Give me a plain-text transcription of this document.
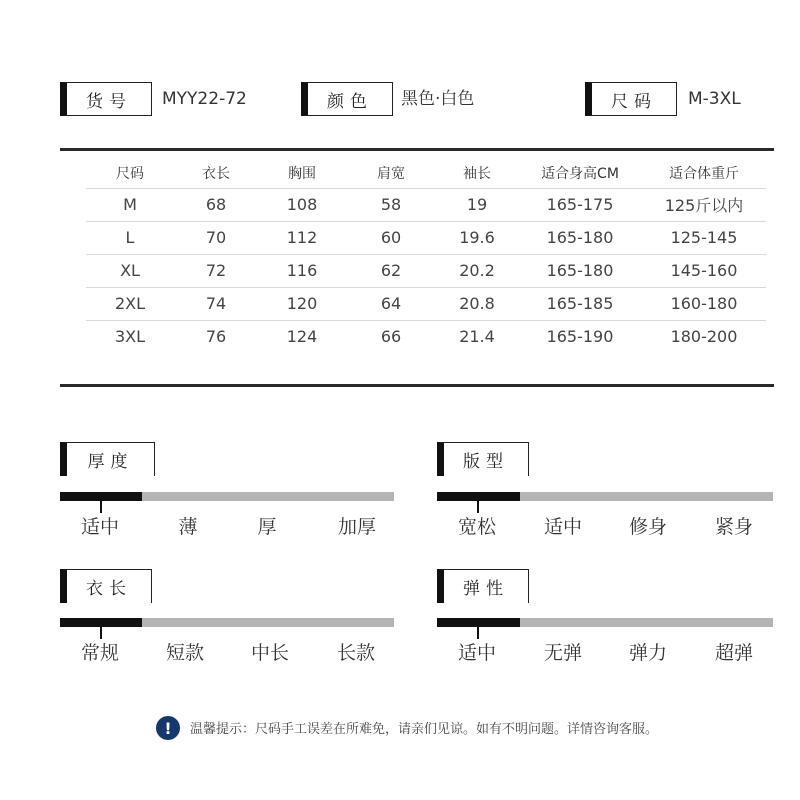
货号 MYY22-72	颜色 黑色·白色	尺码 M-3XL
尺码	衣长	胸围	肩宽	袖长	适合身高CM	适合体重斤
M	68	108	58	19	165-175	125斤以内
L	70	112	60	19.6	165-180	125-145
XL	72	116	62	20.2	165-180	145-160
2XL	74	120	64	20.8	165-185	160-180
3XL	76	124	66	21.4	165-190	180-200
厚度
适中	薄	厚	加厚
版型
宽松	适中 修身	紧身
衣长
常规 短款 中长	长款
弹性
适中	无弹 弹力	超弹
!	温馨提示：尺码手工误差在所难免，请亲们见谅。如有不明问题。详情咨询客服。
